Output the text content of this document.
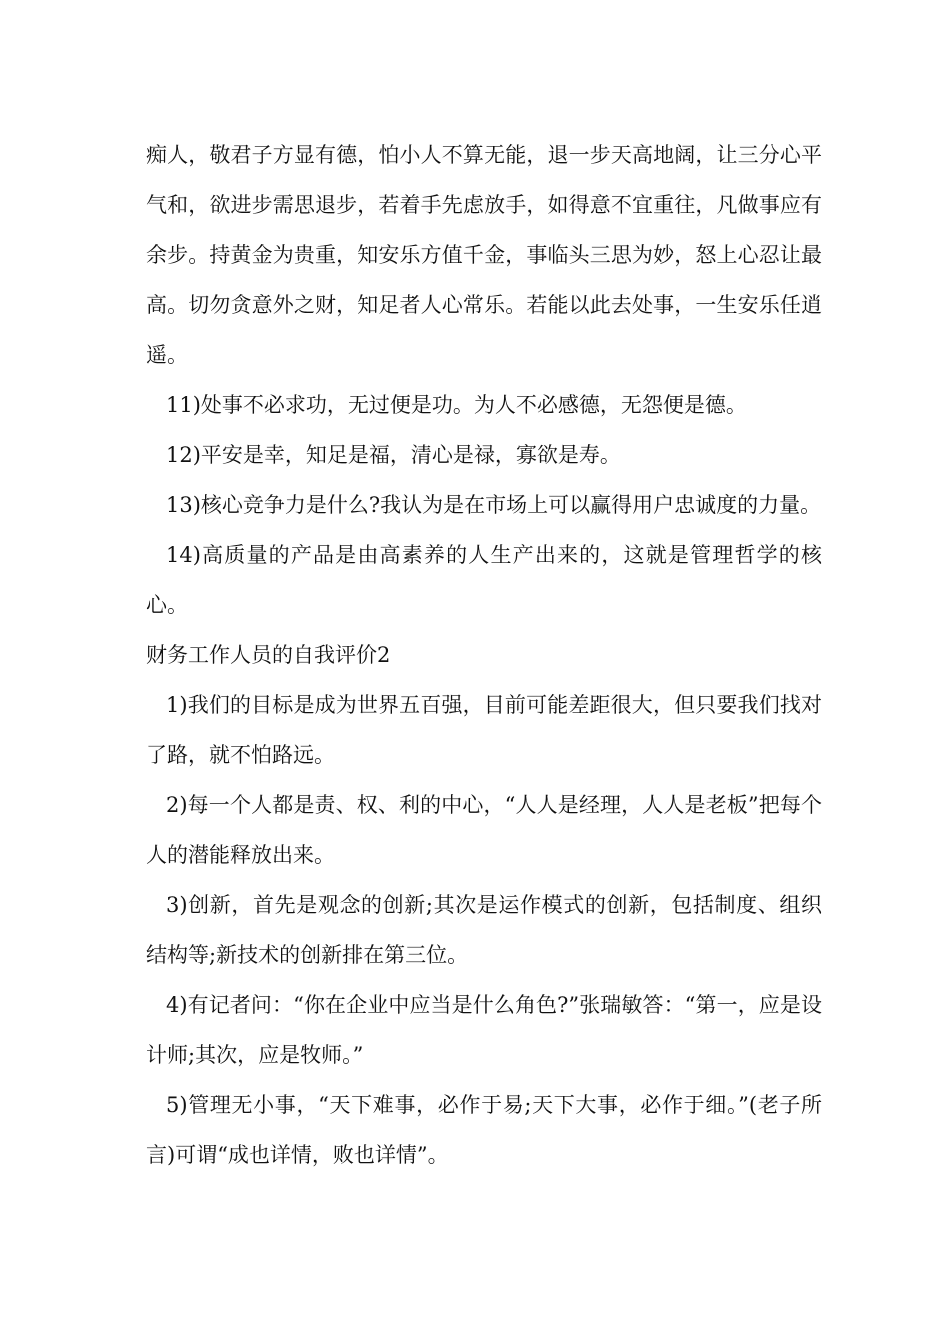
痴人，敬君子方显有德，怕小人不算无能，退一步天高地阔，让三分心平气和，欲进步需思退步，若着手先虑放手，如得意不宜重往，凡做事应有余步。持黄金为贵重，知安乐方值千金，事临头三思为妙，怒上心忍让最高。切勿贪意外之财，知足者人心常乐。若能以此去处事，一生安乐任逍遥。

11)处事不必求功，无过便是功。为人不必感德，无怨便是德。

12)平安是幸，知足是福，清心是禄，寡欲是寿。

13)核心竞争力是什么?我认为是在市场上可以赢得用户忠诚度的力量。

14)高质量的产品是由高素养的人生产出来的，这就是管理哲学的核心。

财务工作人员的自我评价2

1)我们的目标是成为世界五百强，目前可能差距很大，但只要我们找对了路，就不怕路远。

2)每一个人都是责、权、利的中心，“人人是经理，人人是老板”把每个人的潜能释放出来。

3)创新，首先是观念的创新;其次是运作模式的创新，包括制度、组织结构等;新技术的创新排在第三位。

4)有记者问：“你在企业中应当是什么角色?”张瑞敏答：“第一，应是设计师;其次，应是牧师。”

5)管理无小事，“天下难事，必作于易;天下大事，必作于细。”(老子所言)可谓“成也详情，败也详情”。
